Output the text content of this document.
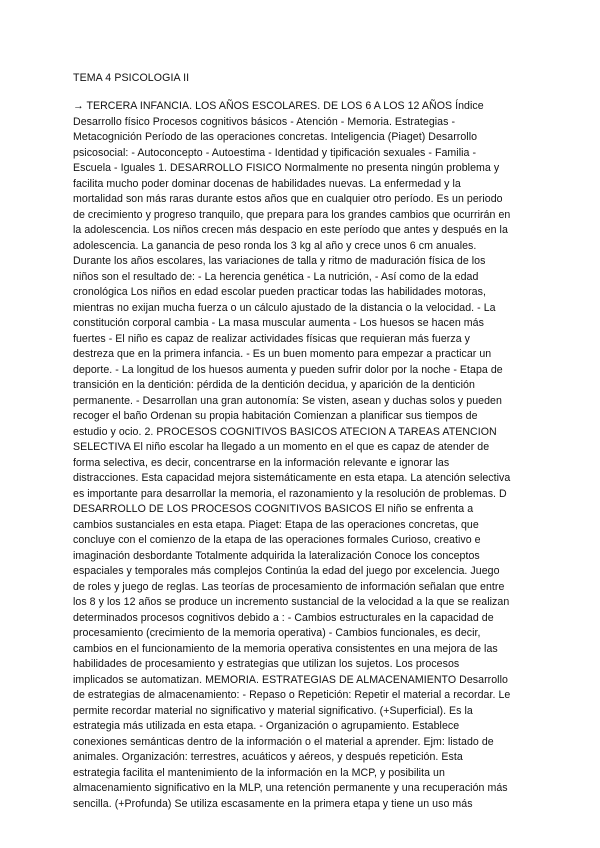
TEMA 4 PSICOLOGIA II
→ TERCERA INFANCIA. LOS AÑOS ESCOLARES. DE LOS 6 A LOS 12 AÑOS Índice
Desarrollo físico Procesos cognitivos básicos - Atención - Memoria. Estrategias -
Metacognición Período de las operaciones concretas. Inteligencia (Piaget) Desarrollo
psicosocial: - Autoconcepto - Autoestima - Identidad y tipificación sexuales - Familia -
Escuela - Iguales 1. DESARROLLO FISICO Normalmente no presenta ningún problema y
facilita mucho poder dominar docenas de habilidades nuevas. La enfermedad y la
mortalidad son más raras durante estos años que en cualquier otro período. Es un periodo
de crecimiento y progreso tranquilo, que prepara para los grandes cambios que ocurrirán en
la adolescencia. Los niños crecen más despacio en este período que antes y después en la
adolescencia. La ganancia de peso ronda los 3 kg al año y crece unos 6 cm anuales.
Durante los años escolares, las variaciones de talla y ritmo de maduración física de los
niños son el resultado de: - La herencia genética - La nutrición, - Así como de la edad
cronológica Los niños en edad escolar pueden practicar todas las habilidades motoras,
mientras no exijan mucha fuerza o un cálculo ajustado de la distancia o la velocidad. - La
constitución corporal cambia - La masa muscular aumenta - Los huesos se hacen más
fuertes - El niño es capaz de realizar actividades físicas que requieran más fuerza y
destreza que en la primera infancia. - Es un buen momento para empezar a practicar un
deporte. - La longitud de los huesos aumenta y pueden sufrir dolor por la noche - Etapa de
transición en la dentición: pérdida de la dentición decidua, y aparición de la dentición
permanente. - Desarrollan una gran autonomía: Se visten, asean y duchas solos y pueden
recoger el baño Ordenan su propia habitación Comienzan a planificar sus tiempos de
estudio y ocio. 2. PROCESOS COGNITIVOS BASICOS ATECION A TAREAS ATENCION
SELECTIVA El niño escolar ha llegado a un momento en el que es capaz de atender de
forma selectiva, es decir, concentrarse en la información relevante e ignorar las
distracciones. Esta capacidad mejora sistemáticamente en esta etapa. La atención selectiva
es importante para desarrollar la memoria, el razonamiento y la resolución de problemas. D
DESARROLLO DE LOS PROCESOS COGNITIVOS BASICOS El niño se enfrenta a
cambios sustanciales en esta etapa. Piaget: Etapa de las operaciones concretas, que
concluye con el comienzo de la etapa de las operaciones formales Curioso, creativo e
imaginación desbordante Totalmente adquirida la lateralización Conoce los conceptos
espaciales y temporales más complejos Continúa la edad del juego por excelencia. Juego
de roles y juego de reglas. Las teorías de procesamiento de información señalan que entre
los 8 y los 12 años se produce un incremento sustancial de la velocidad a la que se realizan
determinados procesos cognitivos debido a : - Cambios estructurales en la capacidad de
procesamiento (crecimiento de la memoria operativa) - Cambios funcionales, es decir,
cambios en el funcionamiento de la memoria operativa consistentes en una mejora de las
habilidades de procesamiento y estrategias que utilizan los sujetos. Los procesos
implicados se automatizan. MEMORIA. ESTRATEGIAS DE ALMACENAMIENTO Desarrollo
de estrategias de almacenamiento: - Repaso o Repetición: Repetir el material a recordar. Le
permite recordar material no significativo y material significativo. (+Superficial). Es la
estrategia más utilizada en esta etapa. - Organización o agrupamiento. Establece
conexiones semánticas dentro de la información o el material a aprender. Ejm: listado de
animales. Organización: terrestres, acuáticos y aéreos, y después repetición. Esta
estrategia facilita el mantenimiento de la información en la MCP, y posibilita un
almacenamiento significativo en la MLP, una retención permanente y una recuperación más
sencilla. (+Profunda) Se utiliza escasamente en la primera etapa y tiene un uso más
